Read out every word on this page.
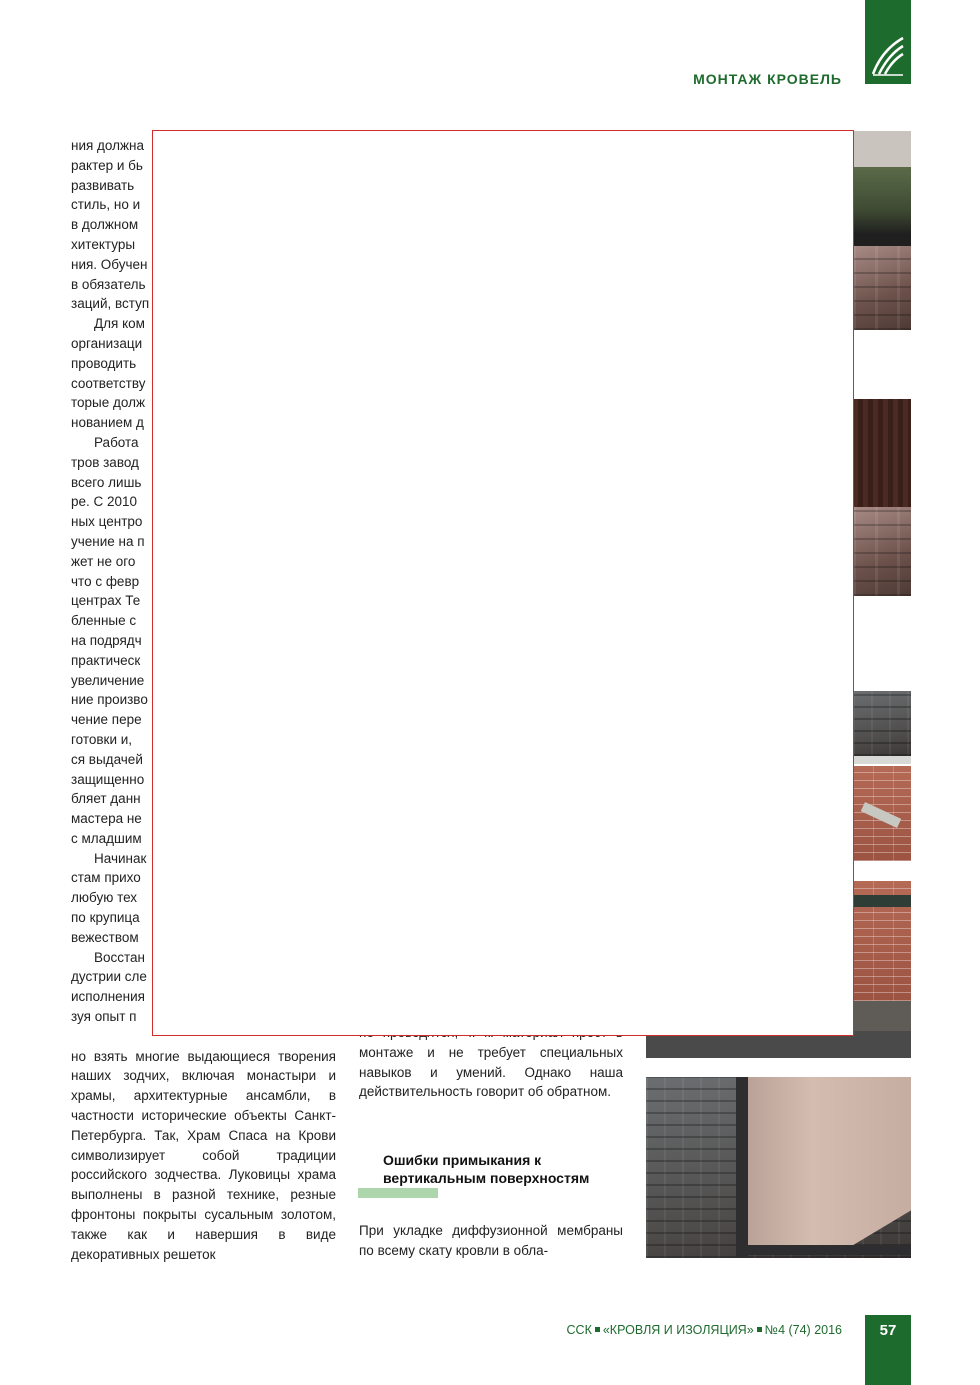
МОНТАЖ КРОВЕЛЬ
ния должна
рактер и бь
развивать
стиль, но и
в должном
хитектуры
ния. Обучен
в обязатель
заций, вступ
Для ком
организаци
проводить
соответству
торые долж
нованием д
Работа
тров завод
всего лишь
ре. С 2010
ных центро
учение на п
жет не ого
что с февр
центрах Те
бленные с
на подрядч
практическ
увеличение
ние произво
чение пере
готовки и,
ся выдачей
защищенно
бляет данн
мастера не
с младшим
Начинак
стам прихо
любую тех
по крупица
вежеством
Восстан
дустрии сле
исполнения
зуя опыт п

но взять многие выдающиеся творения наших зодчих, включая монастыри и храмы, архитектурные ансамбли, в частности исторические объекты Санкт-Петербурга. Так, Храм Спаса на Крови символизирует собой традиции российского зодчества. Луковицы храма выполнены в разной технике, резные фронтоны покрыты сусальным золотом, также как и навершия в виде декоративных решеток

монтаже и не требует специальных навыков и умений. Однако наша действительность говорит об обратном.

Ошибки примыкания к вертикальным поверхностям

При укладке диффузионной мембраны по всему скату кровли в обла-

ССК «КРОВЛЯ И ИЗОЛЯЦИЯ» №4 (74) 2016	57
